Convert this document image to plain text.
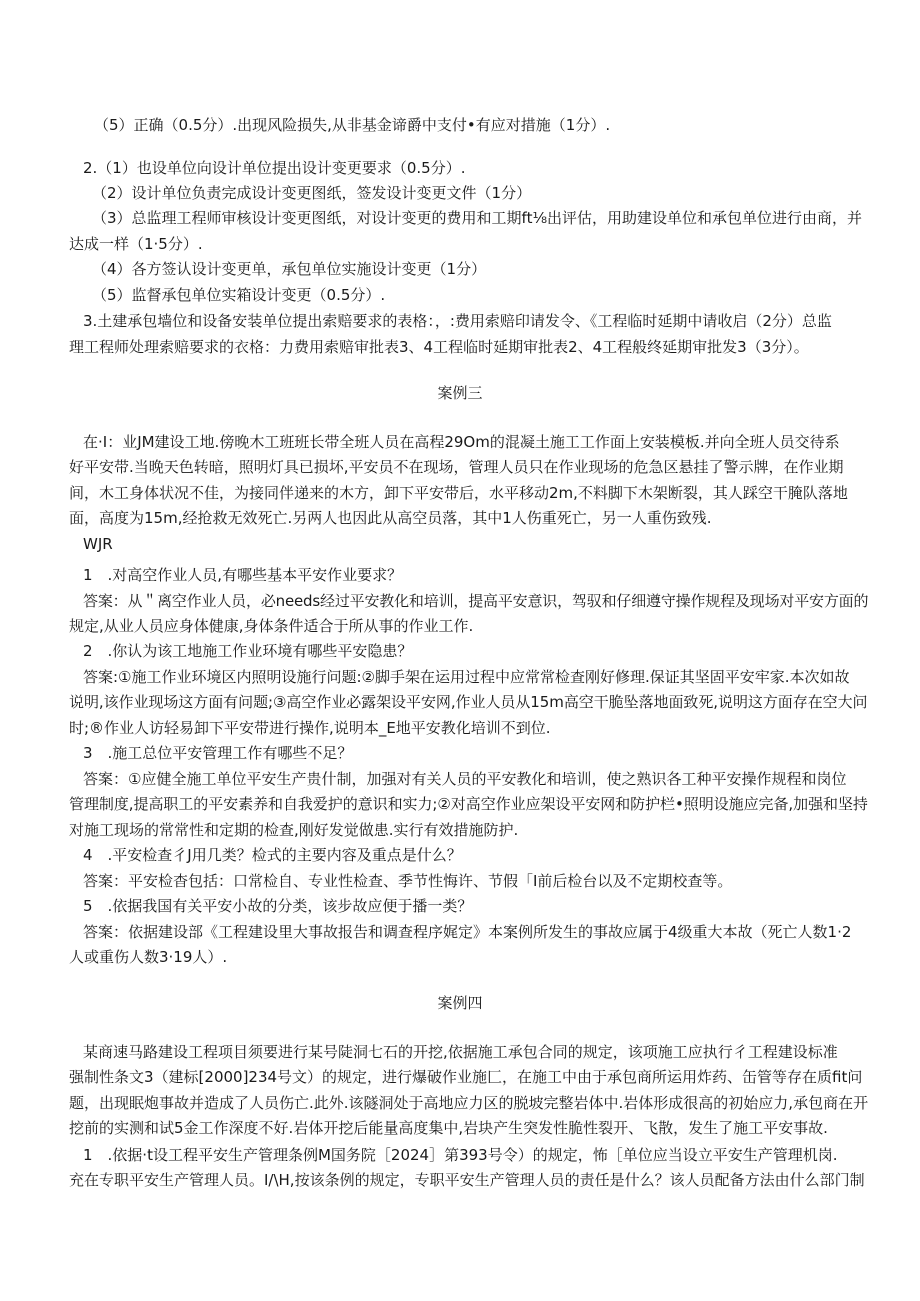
（5）正确（0.5分）.出现风险损失,从非基金谛爵中支付•有应对措施（1分）.
2.（1）也设单位向设计单位提出设计变更要求（0.5分）.
（2）设计单位负责完成设计变更图纸，签发设计变更文件（1分）
（3）总监理工程师审核设计变更图纸，对设计变更的费用和工期ft⅛出评估，用助建设单位和承包单位进行由商，并
达成一样（1·5分）.
（4）各方签认设计变更单，承包单位实施设计变更（1分）
（5）监督承包单位实箱设计变更（0.5分）.
3.土建承包墙位和设备安装单位提出索赔要求的表格：，:费用索赔印请发令、《工程临时延期中请收启（2分）总监
理工程师处理索赔要求的衣格：力费用索赔审批表3、4工程临时延期审批表2、4工程般终延期审批发3（3分）。
案例三
在·I：业JM建设工地.傍晚木工班班长带全班人员在高程29Om的混凝土施工工作面上安装模板.并向全班人员交待系
好平安带.当晚天色转暗，照明灯具已损坏,平安员不在现场，管理人员只在作业现场的危急区悬挂了警示牌，在作业期
间，木工身体状况不佳，为接同伴递来的木方，卸下平安带后，水平移动2m,不料脚下木架断裂，其人踩空干腌队落地
面，高度为15m,经抢救无效死亡.另两人也因此从高空员落，其中1人伤重死亡，另一人重伤致残.
WJR
1　.对高空作业人员,有哪些基本平安作业要求？
答案：从＂离空作业人员，必needs经过平安教化和培训，提高平安意识，驾驭和仔细遵守操作规程及现场对平安方面的
规定,从业人员应身体健康,身体条件适合于所从事的作业工作.
2　.你认为该工地施工作业环境有哪些平安隐患？
答案:①施工作业环境区内照明设施行问题:②脚手架在运用过程中应常常检查刚好修理.保证其坚固平安牢家.本次如故
说明,该作业现场这方面有问题;③高空作业必露架设平安网,作业人员从15m高空干脆坠落地面致死,说明这方面存在空大问
时;®作业人访轻易卸下平安带进行操作,说明本_E地平安教化培训不到位.
3　.施工总位平安管理工作有哪些不足？
答案：①应健全施工单位平安生产贵什制，加强对有关人员的平安教化和培训，使之熟识各工种平安操作规程和岗位
管理制度,提高职工的平安素养和自我爱护的意识和实力;②对高空作业应架设平安网和防护栏•照明设施应完备,加强和坚持
对施工现场的常常性和定期的检查,刚好发觉做患.实行有效措施防护.
4　.平安检查彳J用几类？检式的主要内容及重点是什么？
答案：平安检杳包括：口常检自、专业性检查、季节性悔许、节假「I前后检台以及不定期校查等。
5　.依据我国有关平安小故的分类，该步故应便于播一类？
答案：依据建设部《工程建设里大事故报告和调查程序娓定》本案例所发生的事故应属于4级重大本故（死亡人数1·2
人或重伤人数3·19人）.
案例四
某商速马路建设工程项目须要进行某号陡洞七石的开挖,依据施工承包合同的规定，该项施工应执行彳工程建设标准
强制性条文3（建标[2000]234号文）的规定，进行爆破作业施匚，在施工中由于承包商所运用炸药、缶管等存在质fit问
题，出现眠炮事故并造成了人员伤亡.此外.该隧洞处于高地应力区的脱坡完整岩体中.岩体形成很高的初始应力,承包商在开
挖前的实测和试5金工作深度不好.岩体开挖后能量高度集中,岩块产生突发性脆性裂开、飞散，发生了施工平安事故.
1　.依据·t设工程平安生产管理条例M国务院［2024］第393号令）的规定，怖［单位应当设立平安生产管理机岗.
充在专职平安生产管理人员。I/\H,按该条例的规定，专职平安生产管理人员的责任是什么？该人员配备方法由什么部门制
